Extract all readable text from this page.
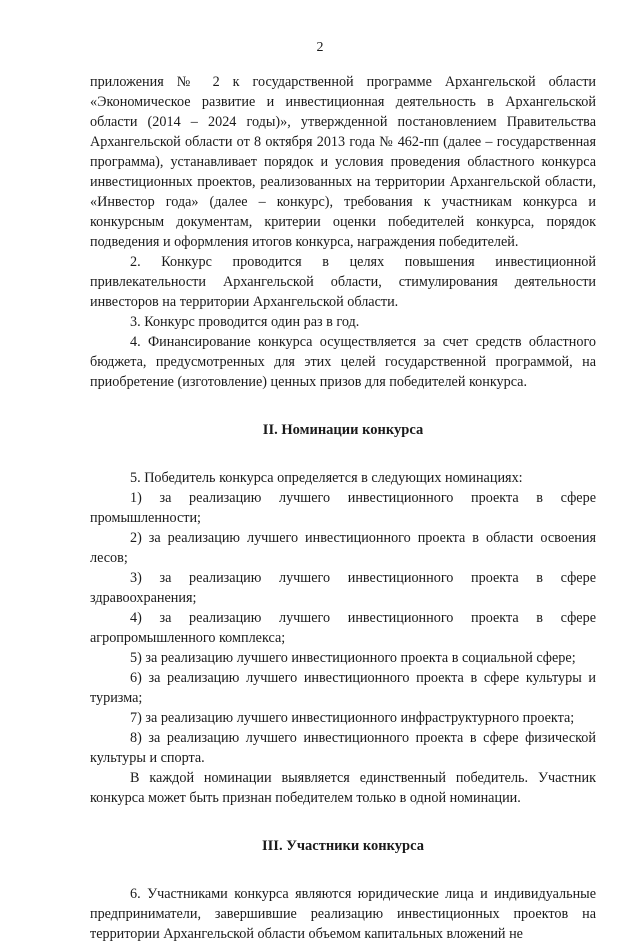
2

приложения № 2 к государственной программе Архангельской области «Экономическое развитие и инвестиционная деятельность в Архангельской области (2014 – 2024 годы)», утвержденной постановлением Правительства Архангельской области от 8 октября 2013 года № 462-пп (далее – государственная программа), устанавливает порядок и условия проведения областного конкурса инвестиционных проектов, реализованных на территории Архангельской области, «Инвестор года» (далее – конкурс), требования к участникам конкурса и конкурсным документам, критерии оценки победителей конкурса, порядок подведения и оформления итогов конкурса, награждения победителей.

2. Конкурс проводится в целях повышения инвестиционной привлекательности Архангельской области, стимулирования деятельности инвесторов на территории Архангельской области.

3. Конкурс проводится один раз в год.

4. Финансирование конкурса осуществляется за счет средств областного бюджета, предусмотренных для этих целей государственной программой, на приобретение (изготовление) ценных призов для победителей конкурса.

II. Номинации конкурса

5. Победитель конкурса определяется в следующих номинациях:

1) за реализацию лучшего инвестиционного проекта в сфере промышленности;

2) за реализацию лучшего инвестиционного проекта в области освоения лесов;

3) за реализацию лучшего инвестиционного проекта в сфере здравоохранения;

4) за реализацию лучшего инвестиционного проекта в сфере агропромышленного комплекса;

5) за реализацию лучшего инвестиционного проекта в социальной сфере;

6) за реализацию лучшего инвестиционного проекта в сфере культуры и туризма;

7) за реализацию лучшего инвестиционного инфраструктурного проекта;

8) за реализацию лучшего инвестиционного проекта в сфере физической культуры и спорта.

В каждой номинации выявляется единственный победитель. Участник конкурса может быть признан победителем только в одной номинации.

III. Участники конкурса

6. Участниками конкурса являются юридические лица и индивидуальные предприниматели, завершившие реализацию инвестиционных проектов на территории Архангельской области объемом капитальных вложений не
